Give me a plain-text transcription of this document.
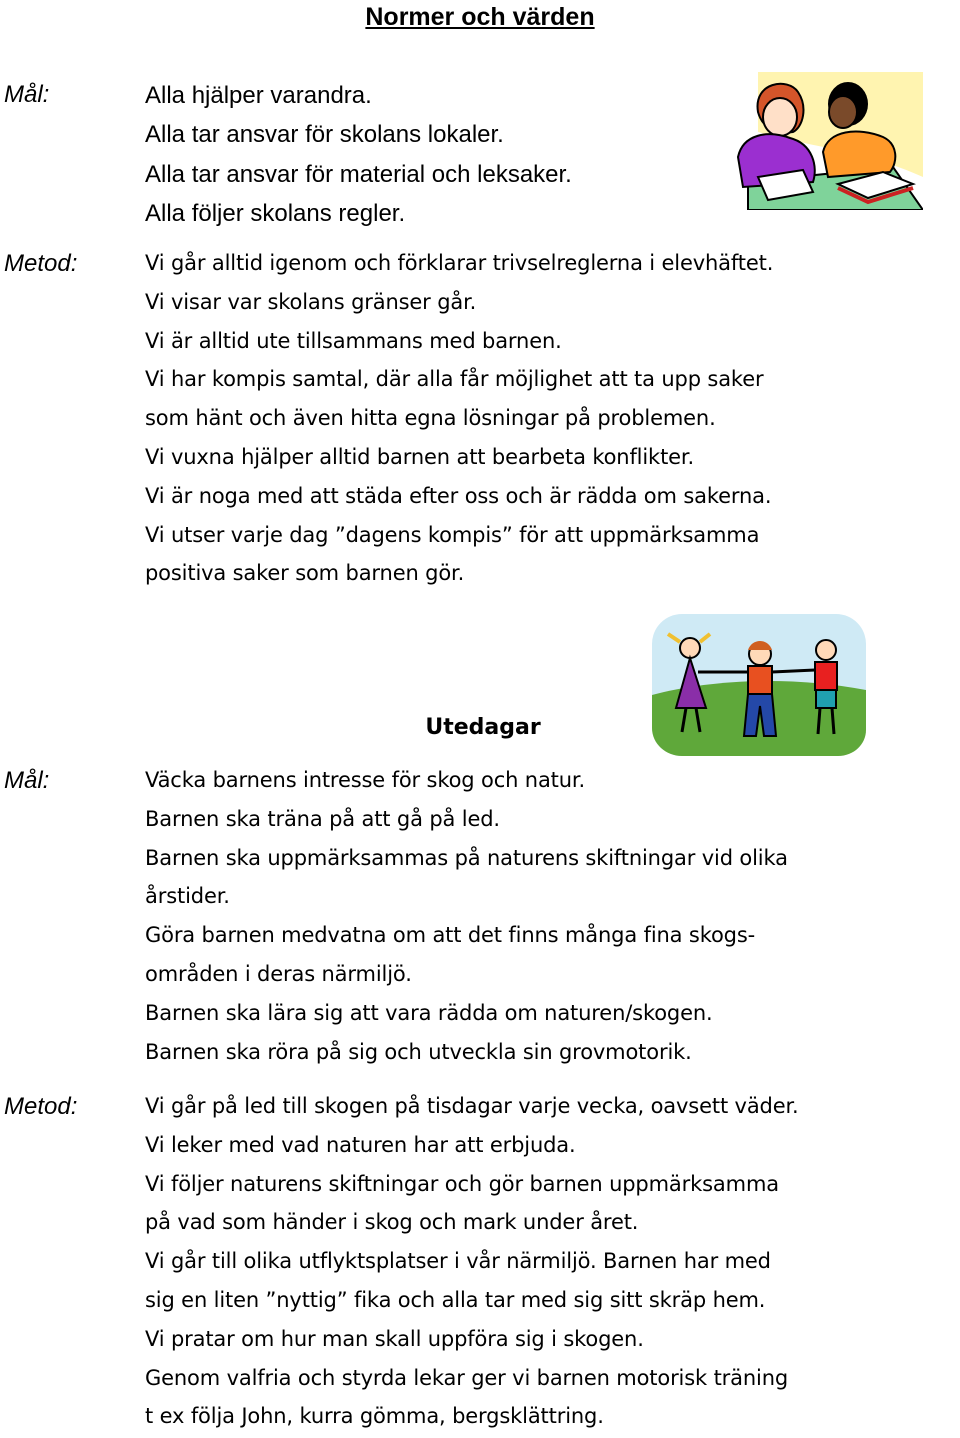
Normer och värden
Mål:	Alla hjälper varandra.
Alla tar ansvar för skolans lokaler.
Alla tar ansvar för material och leksaker.
Alla följer skolans regler.
Metod:	Vi går alltid igenom och förklarar trivselreglerna i elevhäftet.
Vi visar var skolans gränser går.
Vi är alltid ute tillsammans med barnen.
Vi har kompis samtal, där alla får möjlighet att ta upp saker
som hänt och även hitta egna lösningar på problemen.
Vi vuxna hjälper alltid barnen att bearbeta konflikter.
Vi är noga med att städa efter oss och är rädda om sakerna.
Vi utser varje dag ”dagens kompis” för att uppmärksamma
positiva saker som barnen gör.
Utedagar
Mål:	Väcka barnens intresse för skog och natur.
Barnen ska träna på att gå på led.
Barnen ska uppmärksammas på naturens skiftningar vid olika
årstider.
Göra barnen medvatna om att det finns många fina skogs-
områden i deras närmiljö.
Barnen ska lära sig att vara rädda om naturen/skogen.
Barnen ska röra på sig och utveckla sin grovmotorik.
Metod:	Vi går på led till skogen på tisdagar varje vecka, oavsett väder.
Vi leker med vad naturen har att erbjuda.
Vi följer naturens skiftningar och gör barnen uppmärksamma
på vad som händer i skog och mark under året.
Vi går till olika utflyktsplatser i vår närmiljö. Barnen har med
sig en liten ”nyttig” fika och alla tar med sig sitt skräp hem.
Vi pratar om hur man skall uppföra sig i skogen.
Genom valfria och styrda lekar ger vi barnen motorisk träning
t ex följa John, kurra gömma, bergsklättring.
